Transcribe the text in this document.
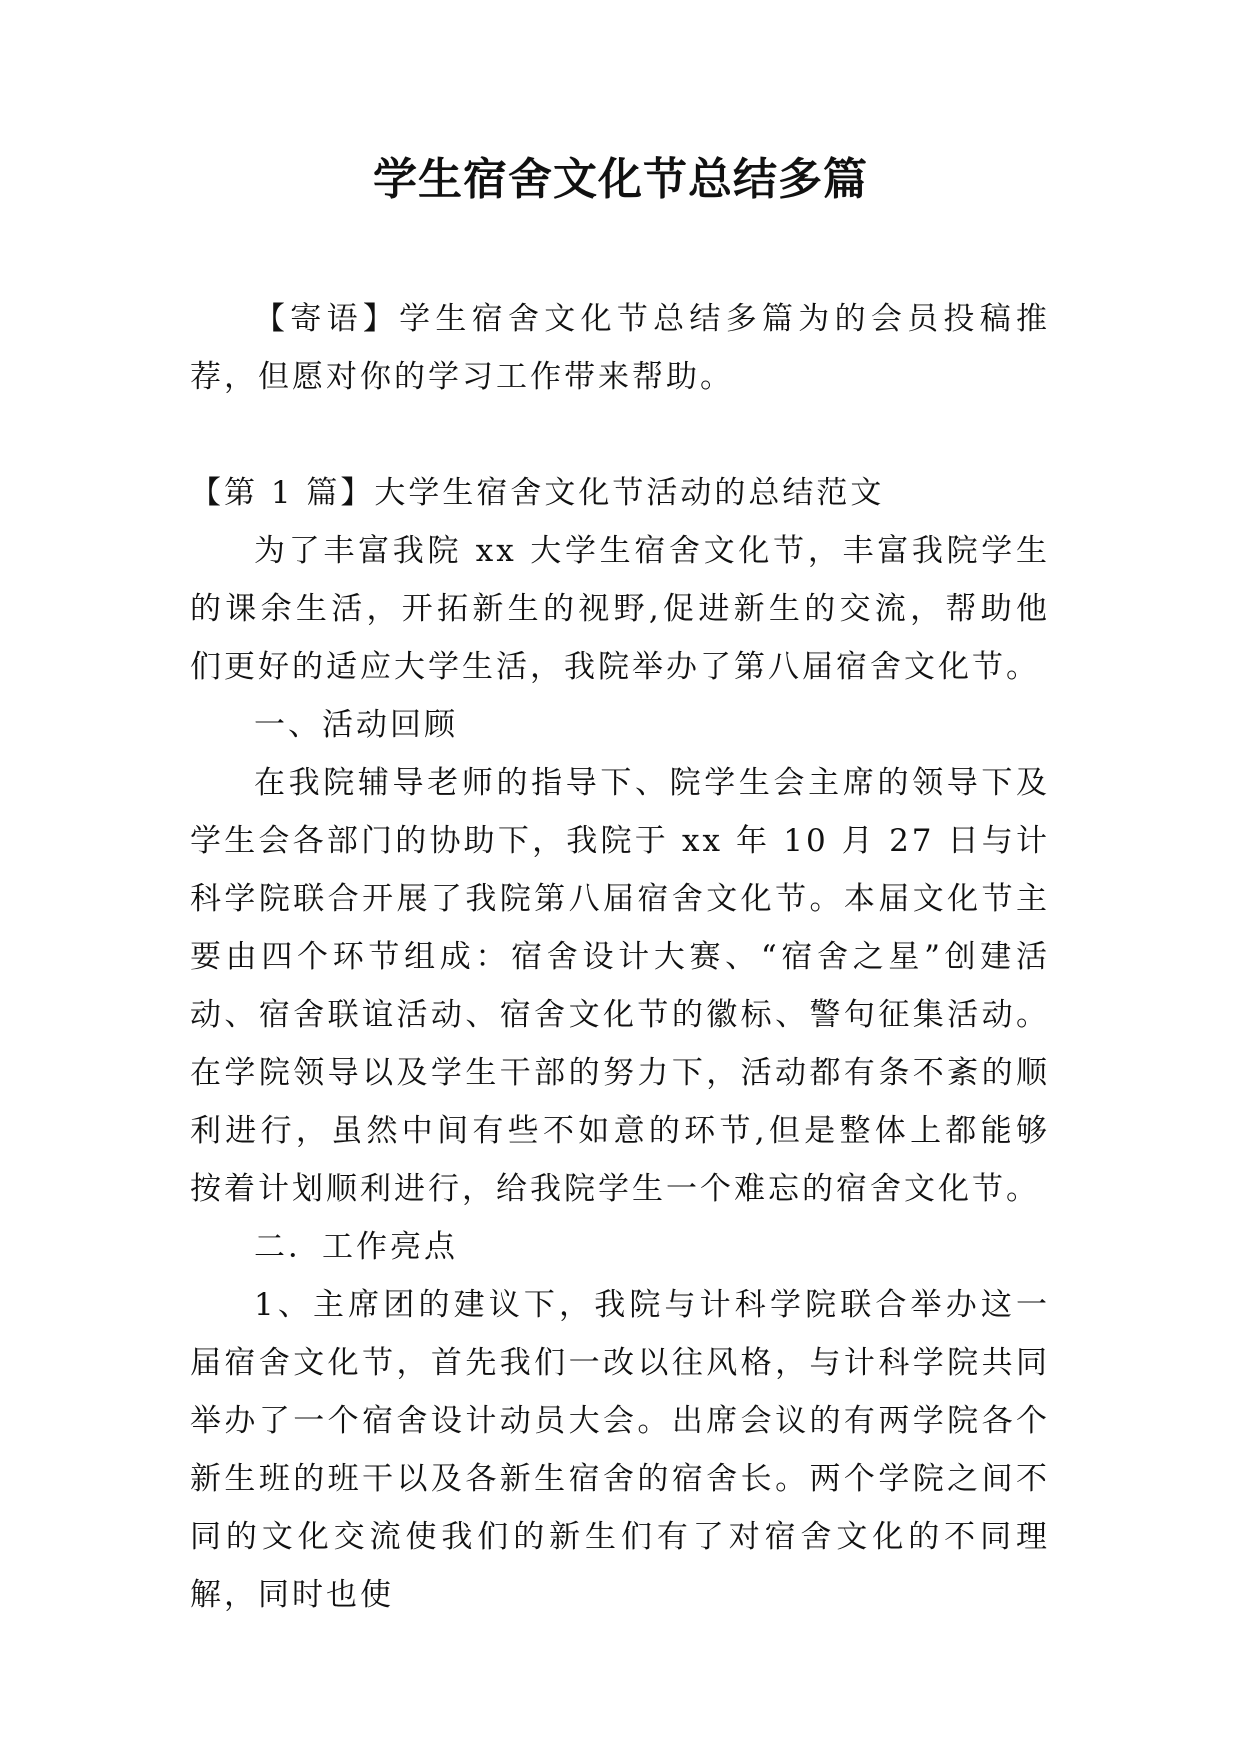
学生宿舍文化节总结多篇

【寄语】学生宿舍文化节总结多篇为的会员投稿推荐，但愿对你的学习工作带来帮助。

【第 1 篇】大学生宿舍文化节活动的总结范文

为了丰富我院 xx 大学生宿舍文化节，丰富我院学生的课余生活，开拓新生的视野,促进新生的交流，帮助他们更好的适应大学生活，我院举办了第八届宿舍文化节。

一、活动回顾

在我院辅导老师的指导下、院学生会主席的领导下及学生会各部门的协助下，我院于 xx 年 10 月 27 日与计科学院联合开展了我院第八届宿舍文化节。本届文化节主要由四个环节组成：宿舍设计大赛、“宿舍之星”创建活动、宿舍联谊活动、宿舍文化节的徽标、警句征集活动。在学院领导以及学生干部的努力下，活动都有条不紊的顺利进行，虽然中间有些不如意的环节,但是整体上都能够按着计划顺利进行，给我院学生一个难忘的宿舍文化节。

二．工作亮点

1、主席团的建议下，我院与计科学院联合举办这一届宿舍文化节，首先我们一改以往风格，与计科学院共同举办了一个宿舍设计动员大会。出席会议的有两学院各个新生班的班干以及各新生宿舍的宿舍长。两个学院之间不同的文化交流使我们的新生们有了对宿舍文化的不同理解，同时也使
